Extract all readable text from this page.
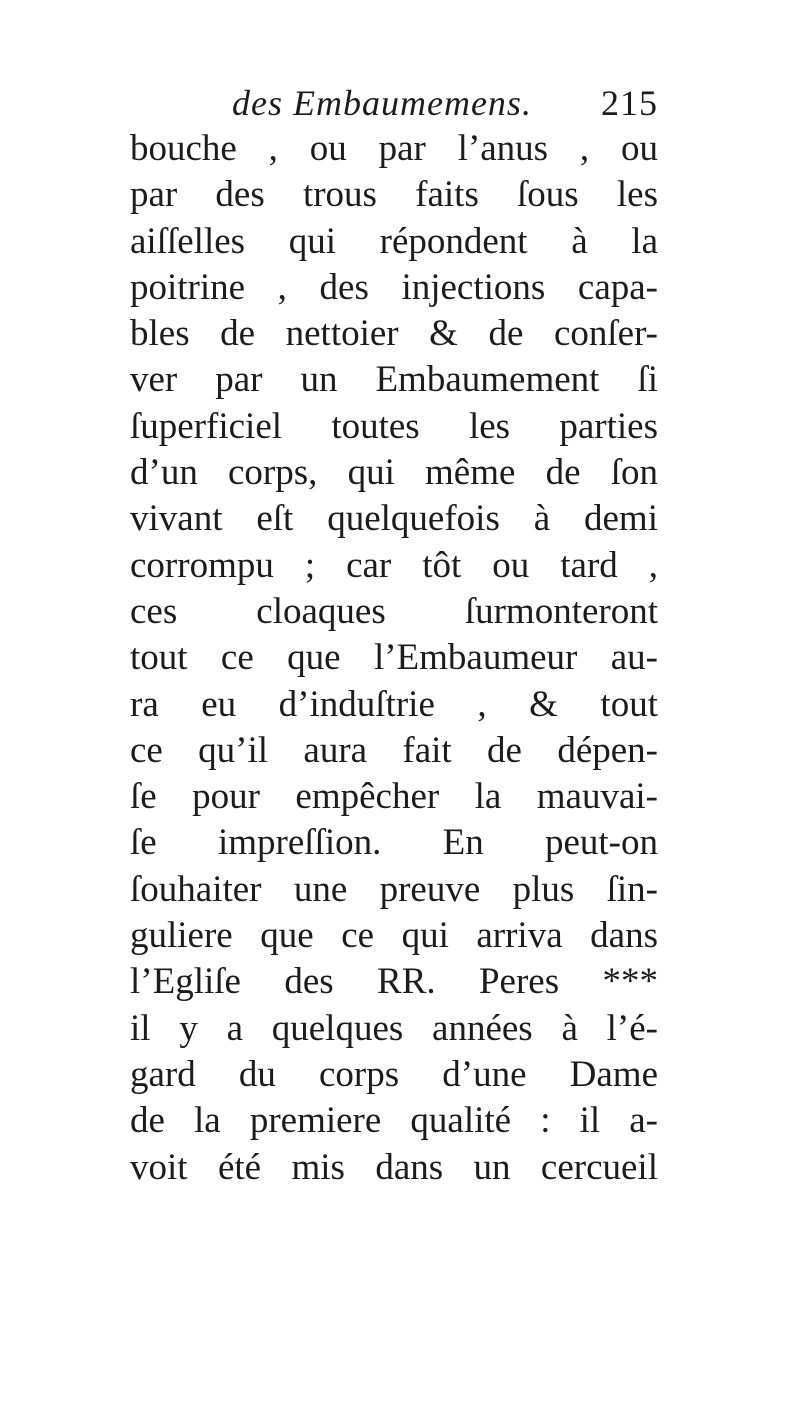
des Embaumemens. 215
bouche , ou par l’anus , ou
par des trous faits ſous les
aiſſelles qui répondent à la
poitrine , des injections capa-
bles de nettoier & de conſer-
ver par un Embaumement ſi
ſuperficiel toutes les parties
d’un corps, qui même de ſon
vivant eſt quelquefois à demi
corrompu ; car tôt ou tard ,
ces cloaques ſurmonteront
tout ce que l’Embaumeur au-
ra eu d’induſtrie , & tout
ce qu’il aura fait de dépen-
ſe pour empêcher la mauvai-
ſe impreſſion. En peut-on
ſouhaiter une preuve plus ſin-
guliere que ce qui arriva dans
l’Egliſe des RR. Peres ***
il y a quelques années à l’é-
gard du corps d’une Dame
de la premiere qualité : il a-
voit été mis dans un cercueil
